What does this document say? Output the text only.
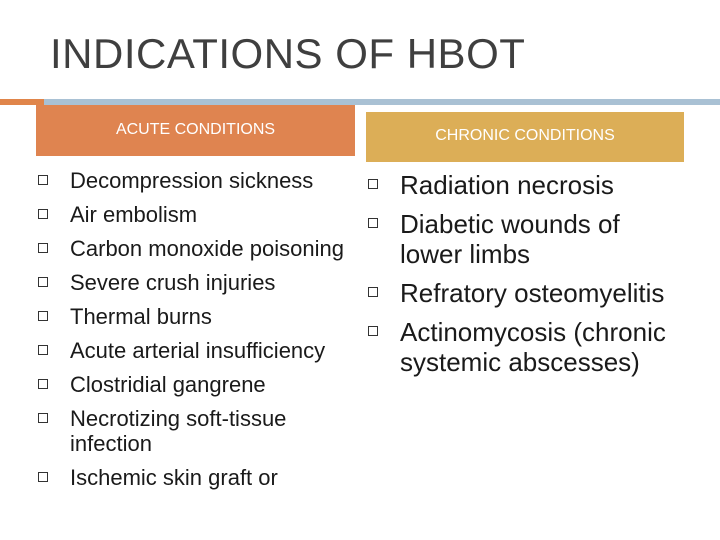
INDICATIONS OF HBOT
ACUTE CONDITIONS	CHRONIC CONDITIONS
Decompression sickness
Air embolism
Carbon monoxide poisoning
Severe crush injuries
Thermal burns
Acute arterial insufficiency
Clostridial gangrene
Necrotizing soft-tissue infection
Ischemic skin graft or
Radiation necrosis
Diabetic wounds of lower limbs
Refratory osteomyelitis
Actinomycosis (chronic systemic abscesses)
